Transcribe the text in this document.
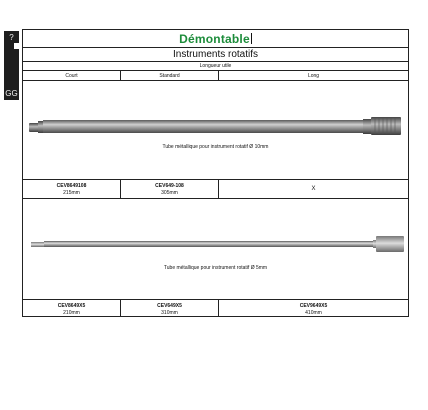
?
GG
Démontable
Instruments rotatifs
Longueur utile
Court	Standard	Long
Tube métallique pour instrument rotatif Ø 10mm
CEV8649108
215mm
CEV649-108
305mm
X
Tube métallique pour instrument rotatif Ø 5mm
CEV8649X5
210mm
CEV649X5
310mm
CEV9649X5
410mm
